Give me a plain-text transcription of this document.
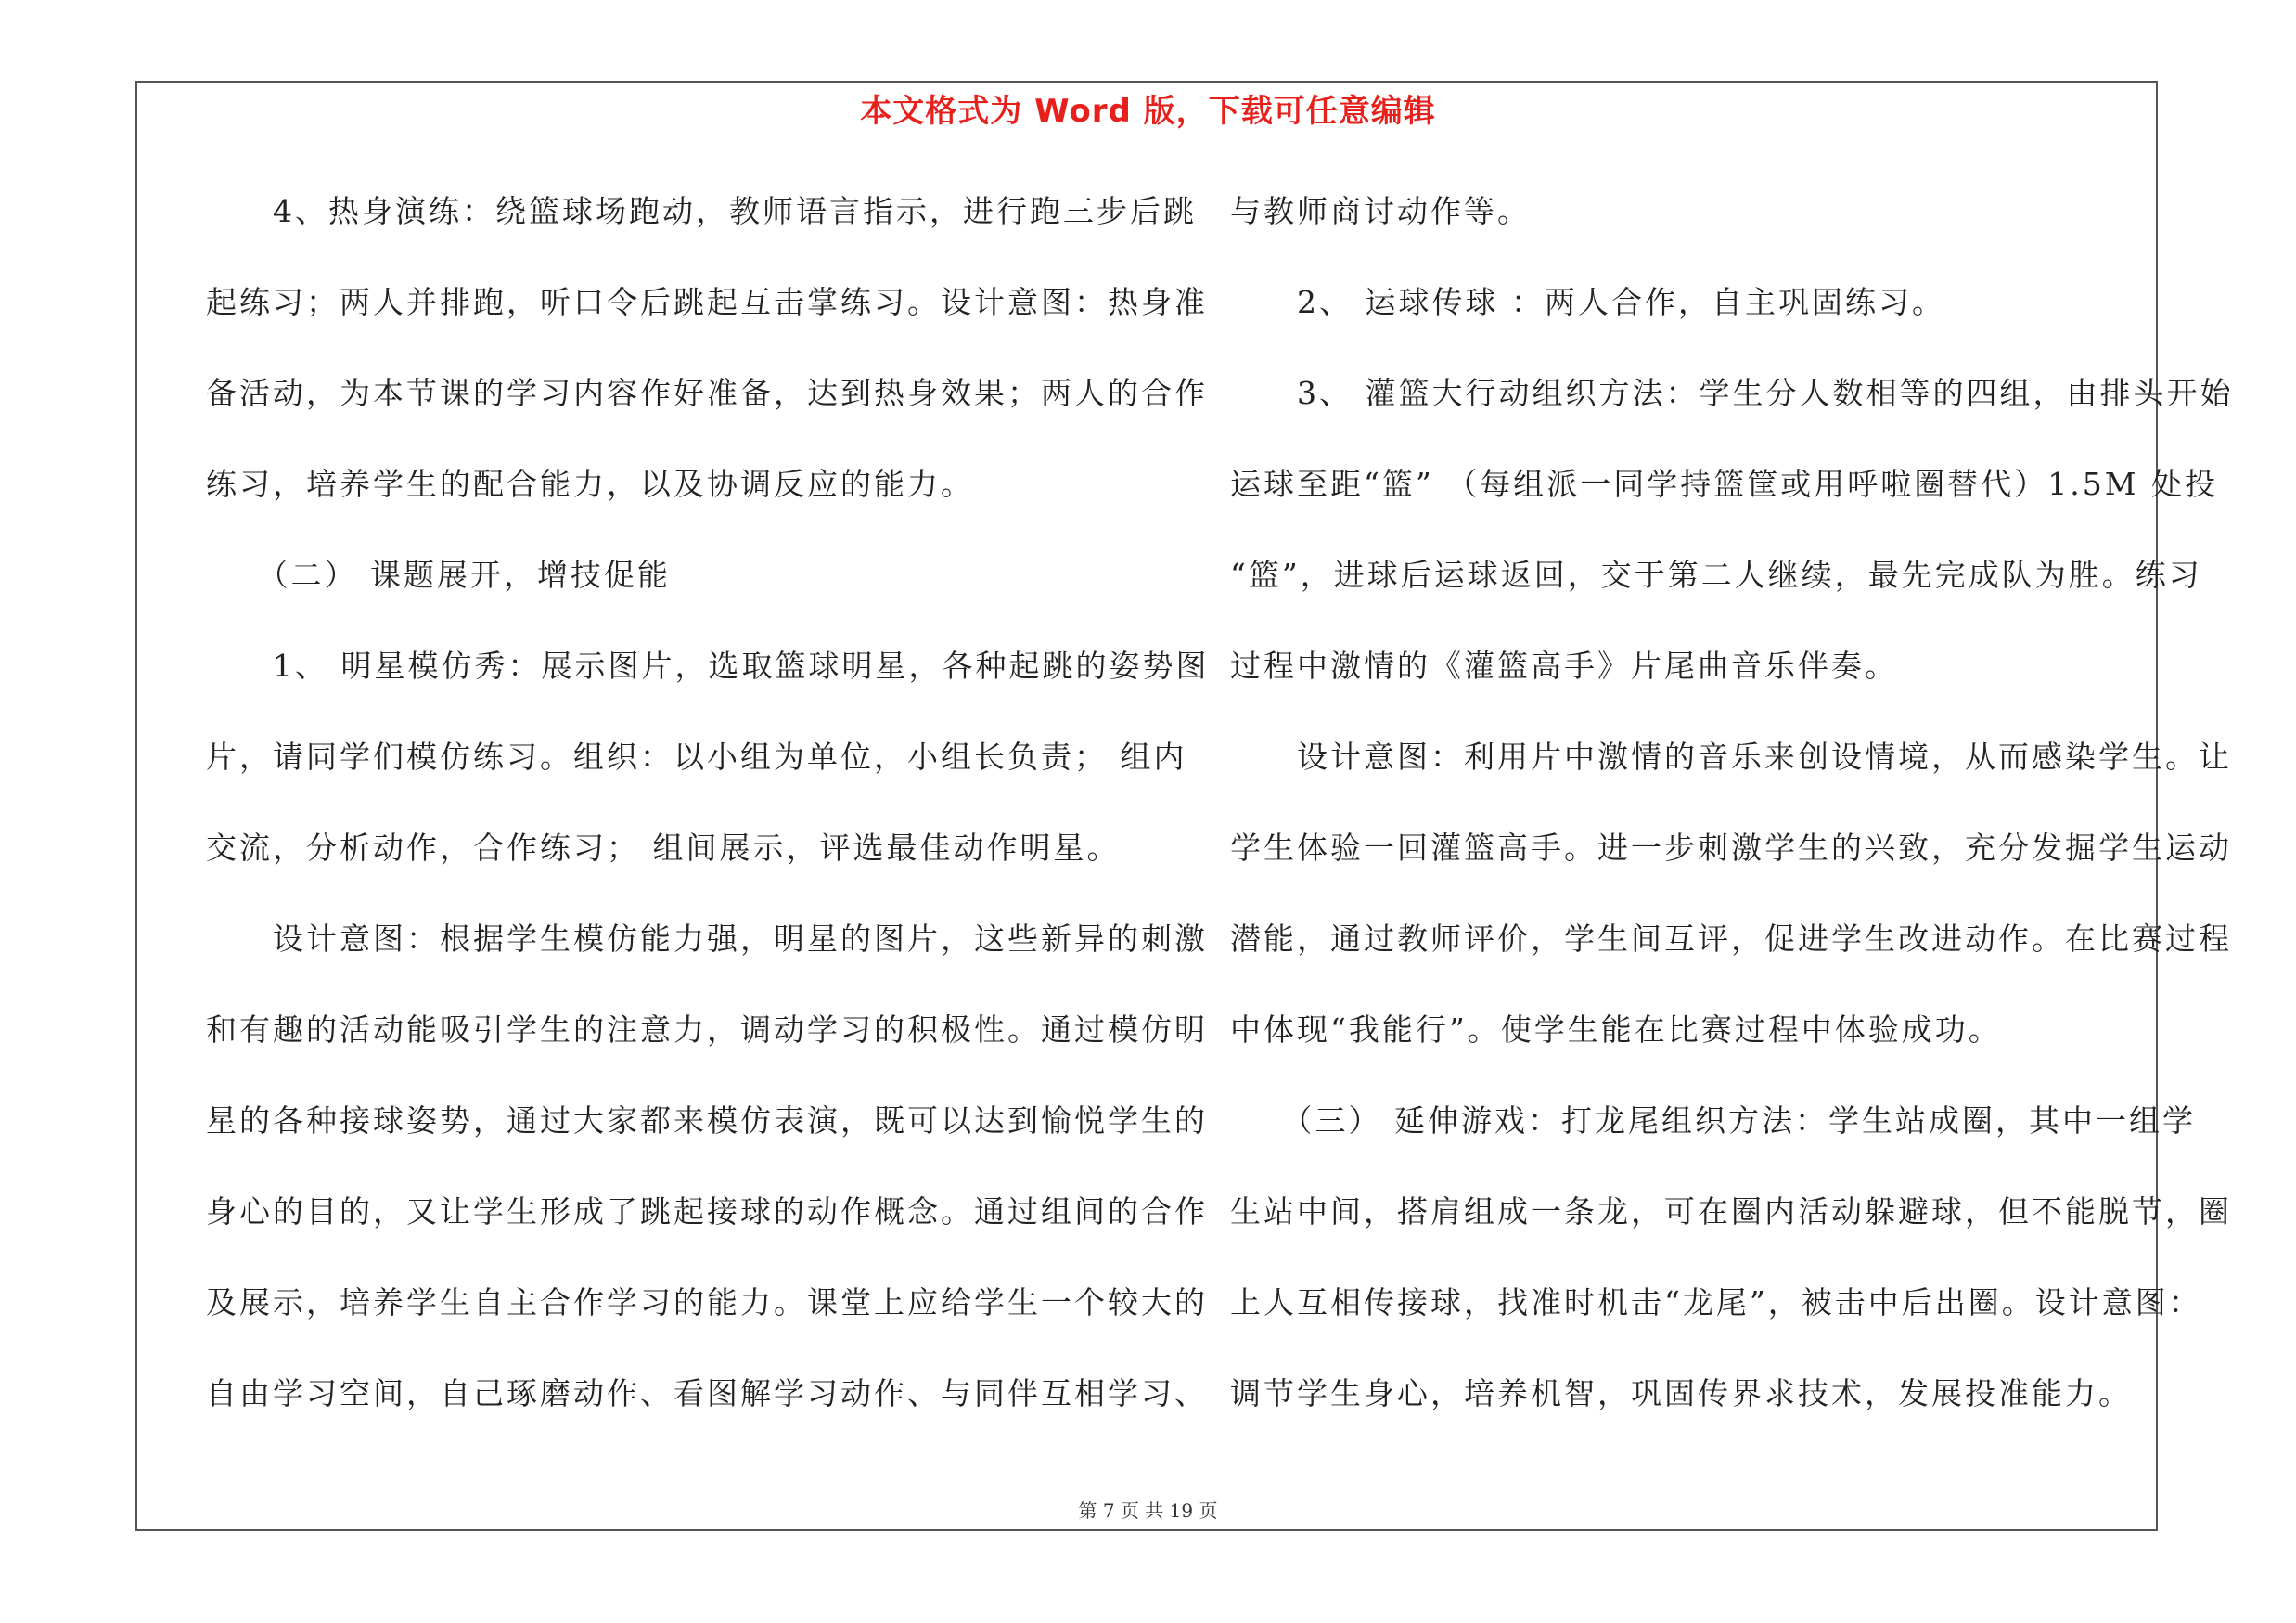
本文格式为 Word 版，下载可任意编辑
　　4、热身演练：绕篮球场跑动，教师语言指示，进行跑三步后跳
起练习；两人并排跑，听口令后跳起互击掌练习。设计意图：热身准
备活动，为本节课的学习内容作好准备，达到热身效果；两人的合作
练习，培养学生的配合能力，以及协调反应的能力。
　　（二） 课题展开，增技促能
　　1、 明星模仿秀：展示图片，选取篮球明星，各种起跳的姿势图
片，请同学们模仿练习。组织：以小组为单位，小组长负责； 组内
交流，分析动作，合作练习； 组间展示，评选最佳动作明星。
　　设计意图：根据学生模仿能力强，明星的图片，这些新异的刺激
和有趣的活动能吸引学生的注意力，调动学习的积极性。通过模仿明
星的各种接球姿势，通过大家都来模仿表演，既可以达到愉悦学生的
身心的目的，又让学生形成了跳起接球的动作概念。通过组间的合作
及展示，培养学生自主合作学习的能力。课堂上应给学生一个较大的
自由学习空间，自己琢磨动作、看图解学习动作、与同伴互相学习、
与教师商讨动作等。
　　2、 运球传球 ：两人合作，自主巩固练习。
　　3、 灌篮大行动组织方法：学生分人数相等的四组，由排头开始
运球至距“篮” （每组派一同学持篮筐或用呼啦圈替代）1.5M 处投
“篮”，进球后运球返回，交于第二人继续，最先完成队为胜。练习
过程中激情的《灌篮高手》片尾曲音乐伴奏。
　　设计意图：利用片中激情的音乐来创设情境，从而感染学生。让
学生体验一回灌篮高手。进一步刺激学生的兴致，充分发掘学生运动
潜能，通过教师评价，学生间互评，促进学生改进动作。在比赛过程
中体现“我能行”。使学生能在比赛过程中体验成功。
　　（三） 延伸游戏：打龙尾组织方法：学生站成圈，其中一组学
生站中间，搭肩组成一条龙，可在圈内活动躲避球，但不能脱节，圈
上人互相传接球，找准时机击“龙尾”，被击中后出圈。设计意图：
调节学生身心，培养机智，巩固传界求技术，发展投准能力。
第 7 页 共 19 页
